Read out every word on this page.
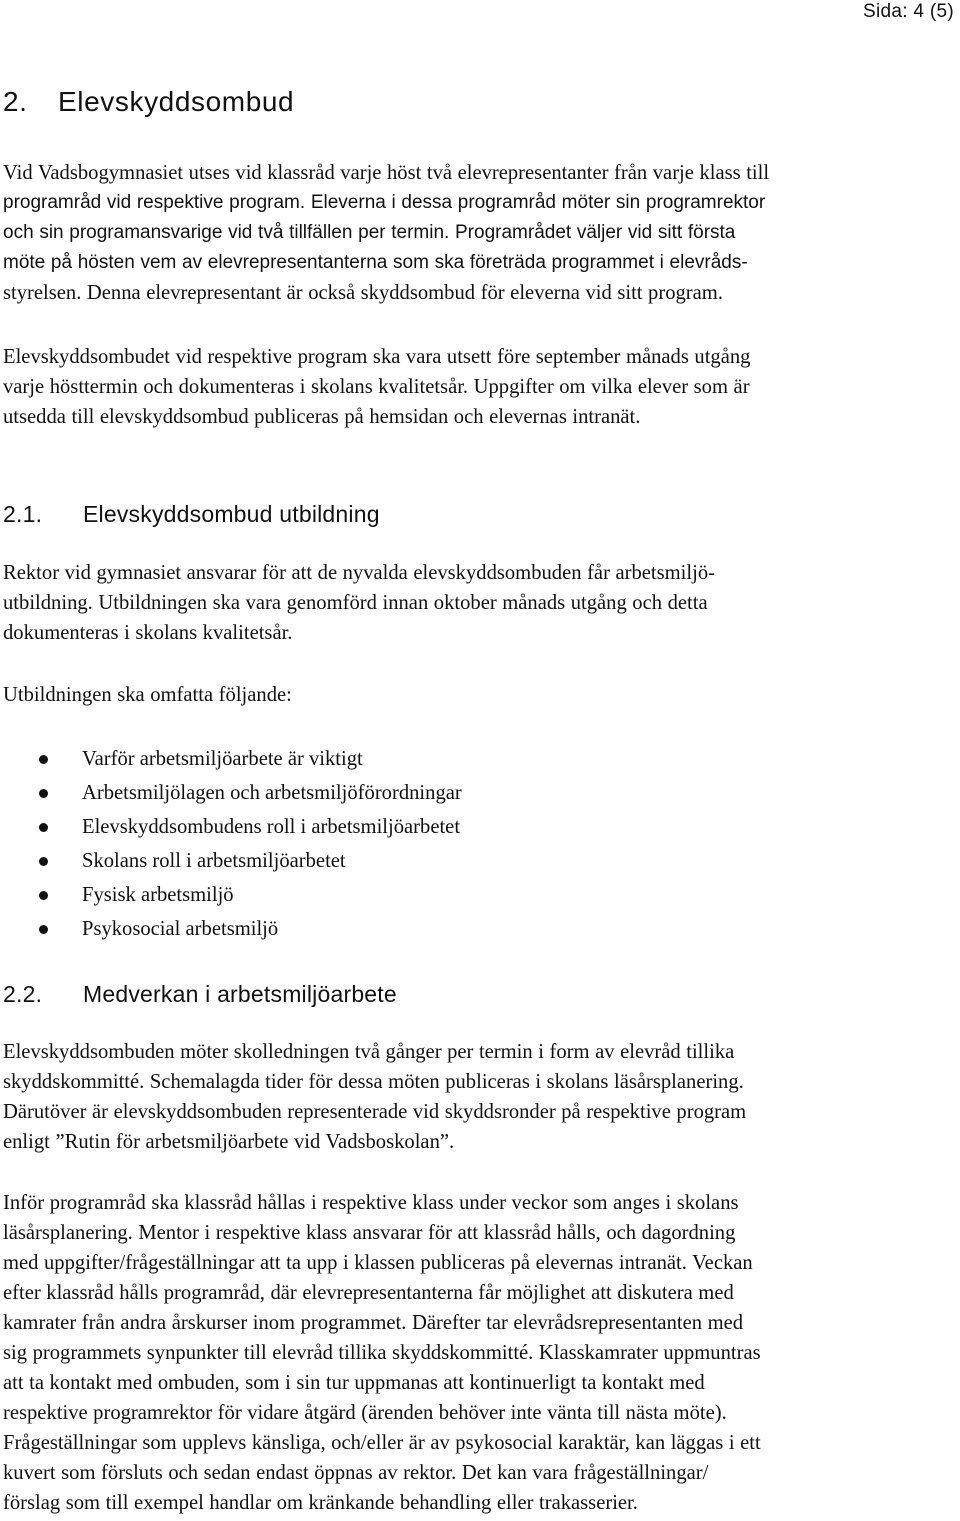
Sida: 4 (5)
2. Elevskyddsombud

Vid Vadsbogymnasiet utses vid klassråd varje höst två elevrepresentanter från varje klass till
programråd vid respektive program. Eleverna i dessa programråd möter sin programrektor
och sin programansvarige vid två tillfällen per termin. Programrådet väljer vid sitt första
möte på hösten vem av elevrepresentanterna som ska företräda programmet i elevråds-
styrelsen. Denna elevrepresentant är också skyddsombud för eleverna vid sitt program.

Elevskyddsombudet vid respektive program ska vara utsett före september månads utgång
varje hösttermin och dokumenteras i skolans kvalitetsår. Uppgifter om vilka elever som är
utsedda till elevskyddsombud publiceras på hemsidan och elevernas intranät.

2.1. Elevskyddsombud utbildning

Rektor vid gymnasiet ansvarar för att de nyvalda elevskyddsombuden får arbetsmiljö-
utbildning. Utbildningen ska vara genomförd innan oktober månads utgång och detta
dokumenteras i skolans kvalitetsår.

Utbildningen ska omfatta följande:

Varför arbetsmiljöarbete är viktigt
Arbetsmiljölagen och arbetsmiljöförordningar
Elevskyddsombudens roll i arbetsmiljöarbetet
Skolans roll i arbetsmiljöarbetet
Fysisk arbetsmiljö
Psykosocial arbetsmiljö
2.2. Medverkan i arbetsmiljöarbete

Elevskyddsombuden möter skolledningen två gånger per termin i form av elevråd tillika
skyddskommitté. Schemalagda tider för dessa möten publiceras i skolans läsårsplanering.
Därutöver är elevskyddsombuden representerade vid skyddsronder på respektive program
enligt ”Rutin för arbetsmiljöarbete vid Vadsboskolan”.

Inför programråd ska klassråd hållas i respektive klass under veckor som anges i skolans
läsårsplanering. Mentor i respektive klass ansvarar för att klassråd hålls, och dagordning
med uppgifter/frågeställningar att ta upp i klassen publiceras på elevernas intranät. Veckan
efter klassråd hålls programråd, där elevrepresentanterna får möjlighet att diskutera med
kamrater från andra årskurser inom programmet. Därefter tar elevrådsrepresentanten med
sig programmets synpunkter till elevråd tillika skyddskommitté. Klasskamrater uppmuntras
att ta kontakt med ombuden, som i sin tur uppmanas att kontinuerligt ta kontakt med
respektive programrektor för vidare åtgärd (ärenden behöver inte vänta till nästa möte).
Frågeställningar som upplevs känsliga, och/eller är av psykosocial karaktär, kan läggas i ett
kuvert som försluts och sedan endast öppnas av rektor. Det kan vara frågeställningar/
förslag som till exempel handlar om kränkande behandling eller trakasserier.
